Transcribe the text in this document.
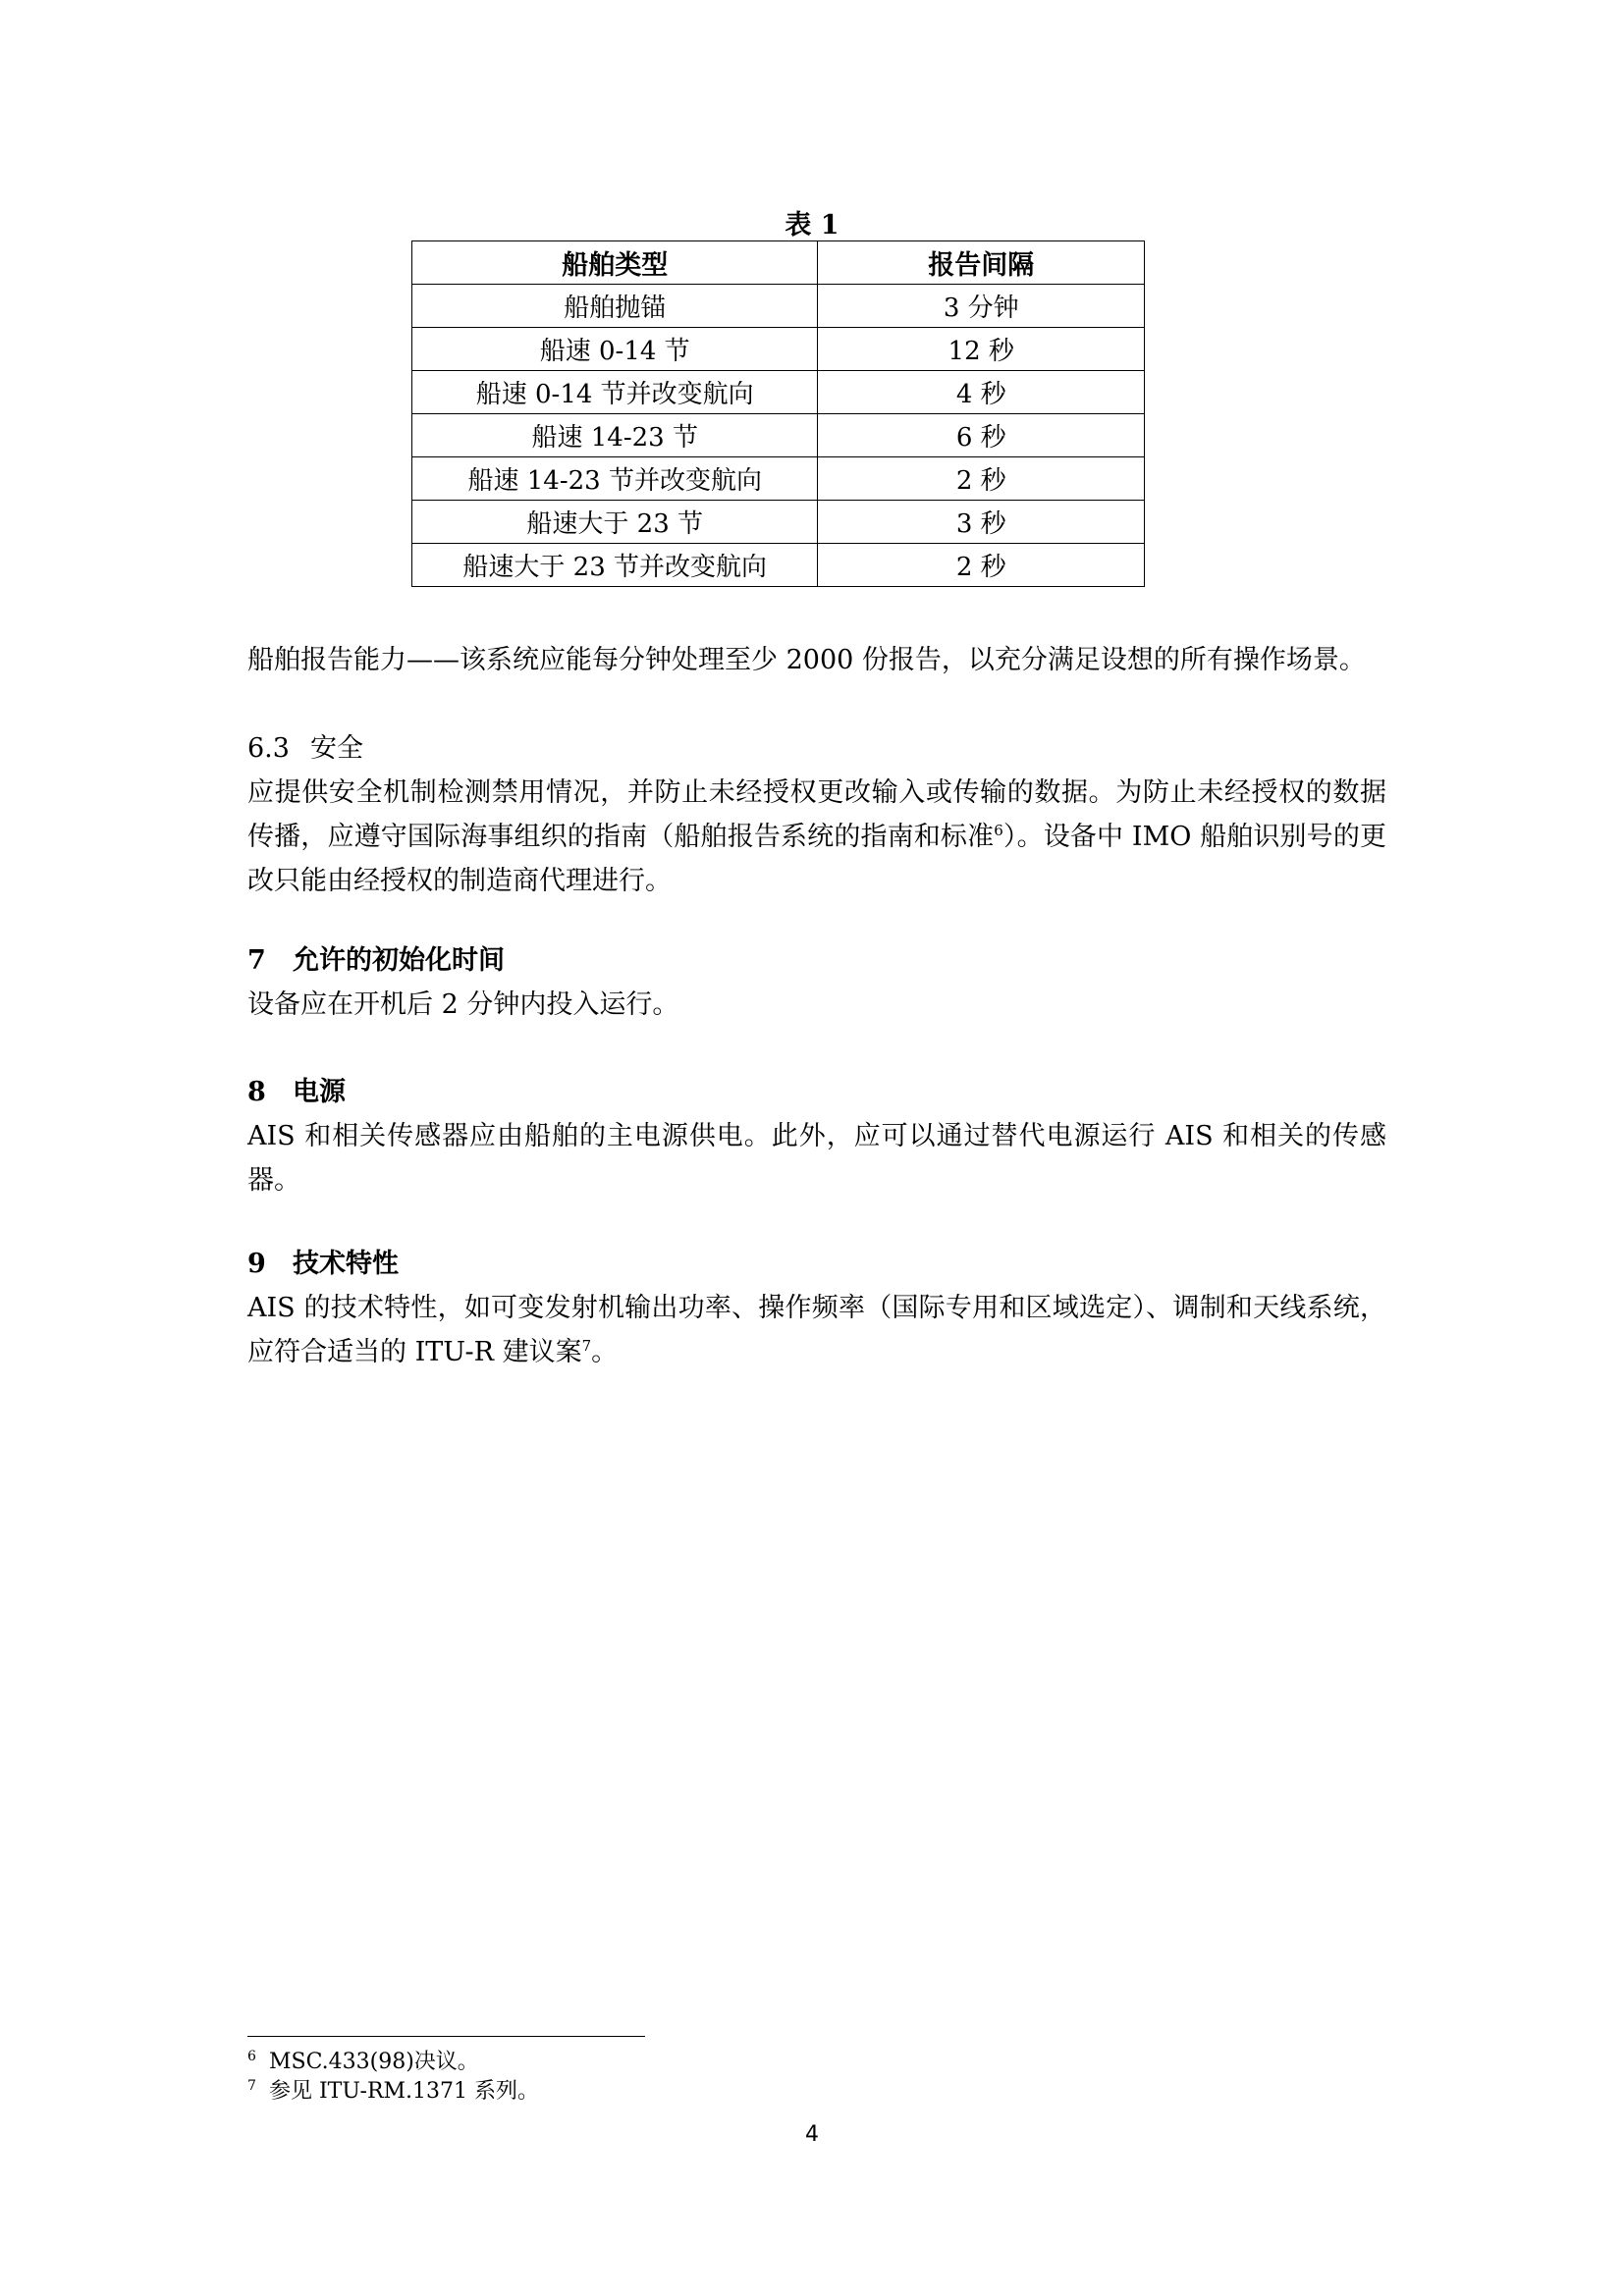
表 1
船舶类型	报告间隔
船舶抛锚	3 分钟
船速 0-14 节	12 秒
船速 0-14 节并改变航向	4 秒
船速 14-23 节	6 秒
船速 14-23 节并改变航向	2 秒
船速大于 23 节	3 秒
船速大于 23 节并改变航向	2 秒

船舶报告能力——该系统应能每分钟处理至少 2000 份报告，以充分满足设想的所有操作场景。

6.3 安全

应提供安全机制检测禁用情况，并防止未经授权更改输入或传输的数据。为防止未经授权的数据传播，应遵守国际海事组织的指南（船舶报告系统的指南和标准$^6$）。设备中 IMO 船舶识别号的更改只能由经授权的制造商代理进行。

7 允许的初始化时间

设备应在开机后 2 分钟内投入运行。

8 电源

AIS 和相关传感器应由船舶的主电源供电。此外，应可以通过替代电源运行 AIS 和相关的传感器。

9 技术特性

AIS 的技术特性，如可变发射机输出功率、操作频率（国际专用和区域选定）、调制和天线系统，应符合适当的 ITU-R 建议案$^7$。

6 MSC.433(98)决议。
7 参见 ITU-RM.1371 系列。
4
